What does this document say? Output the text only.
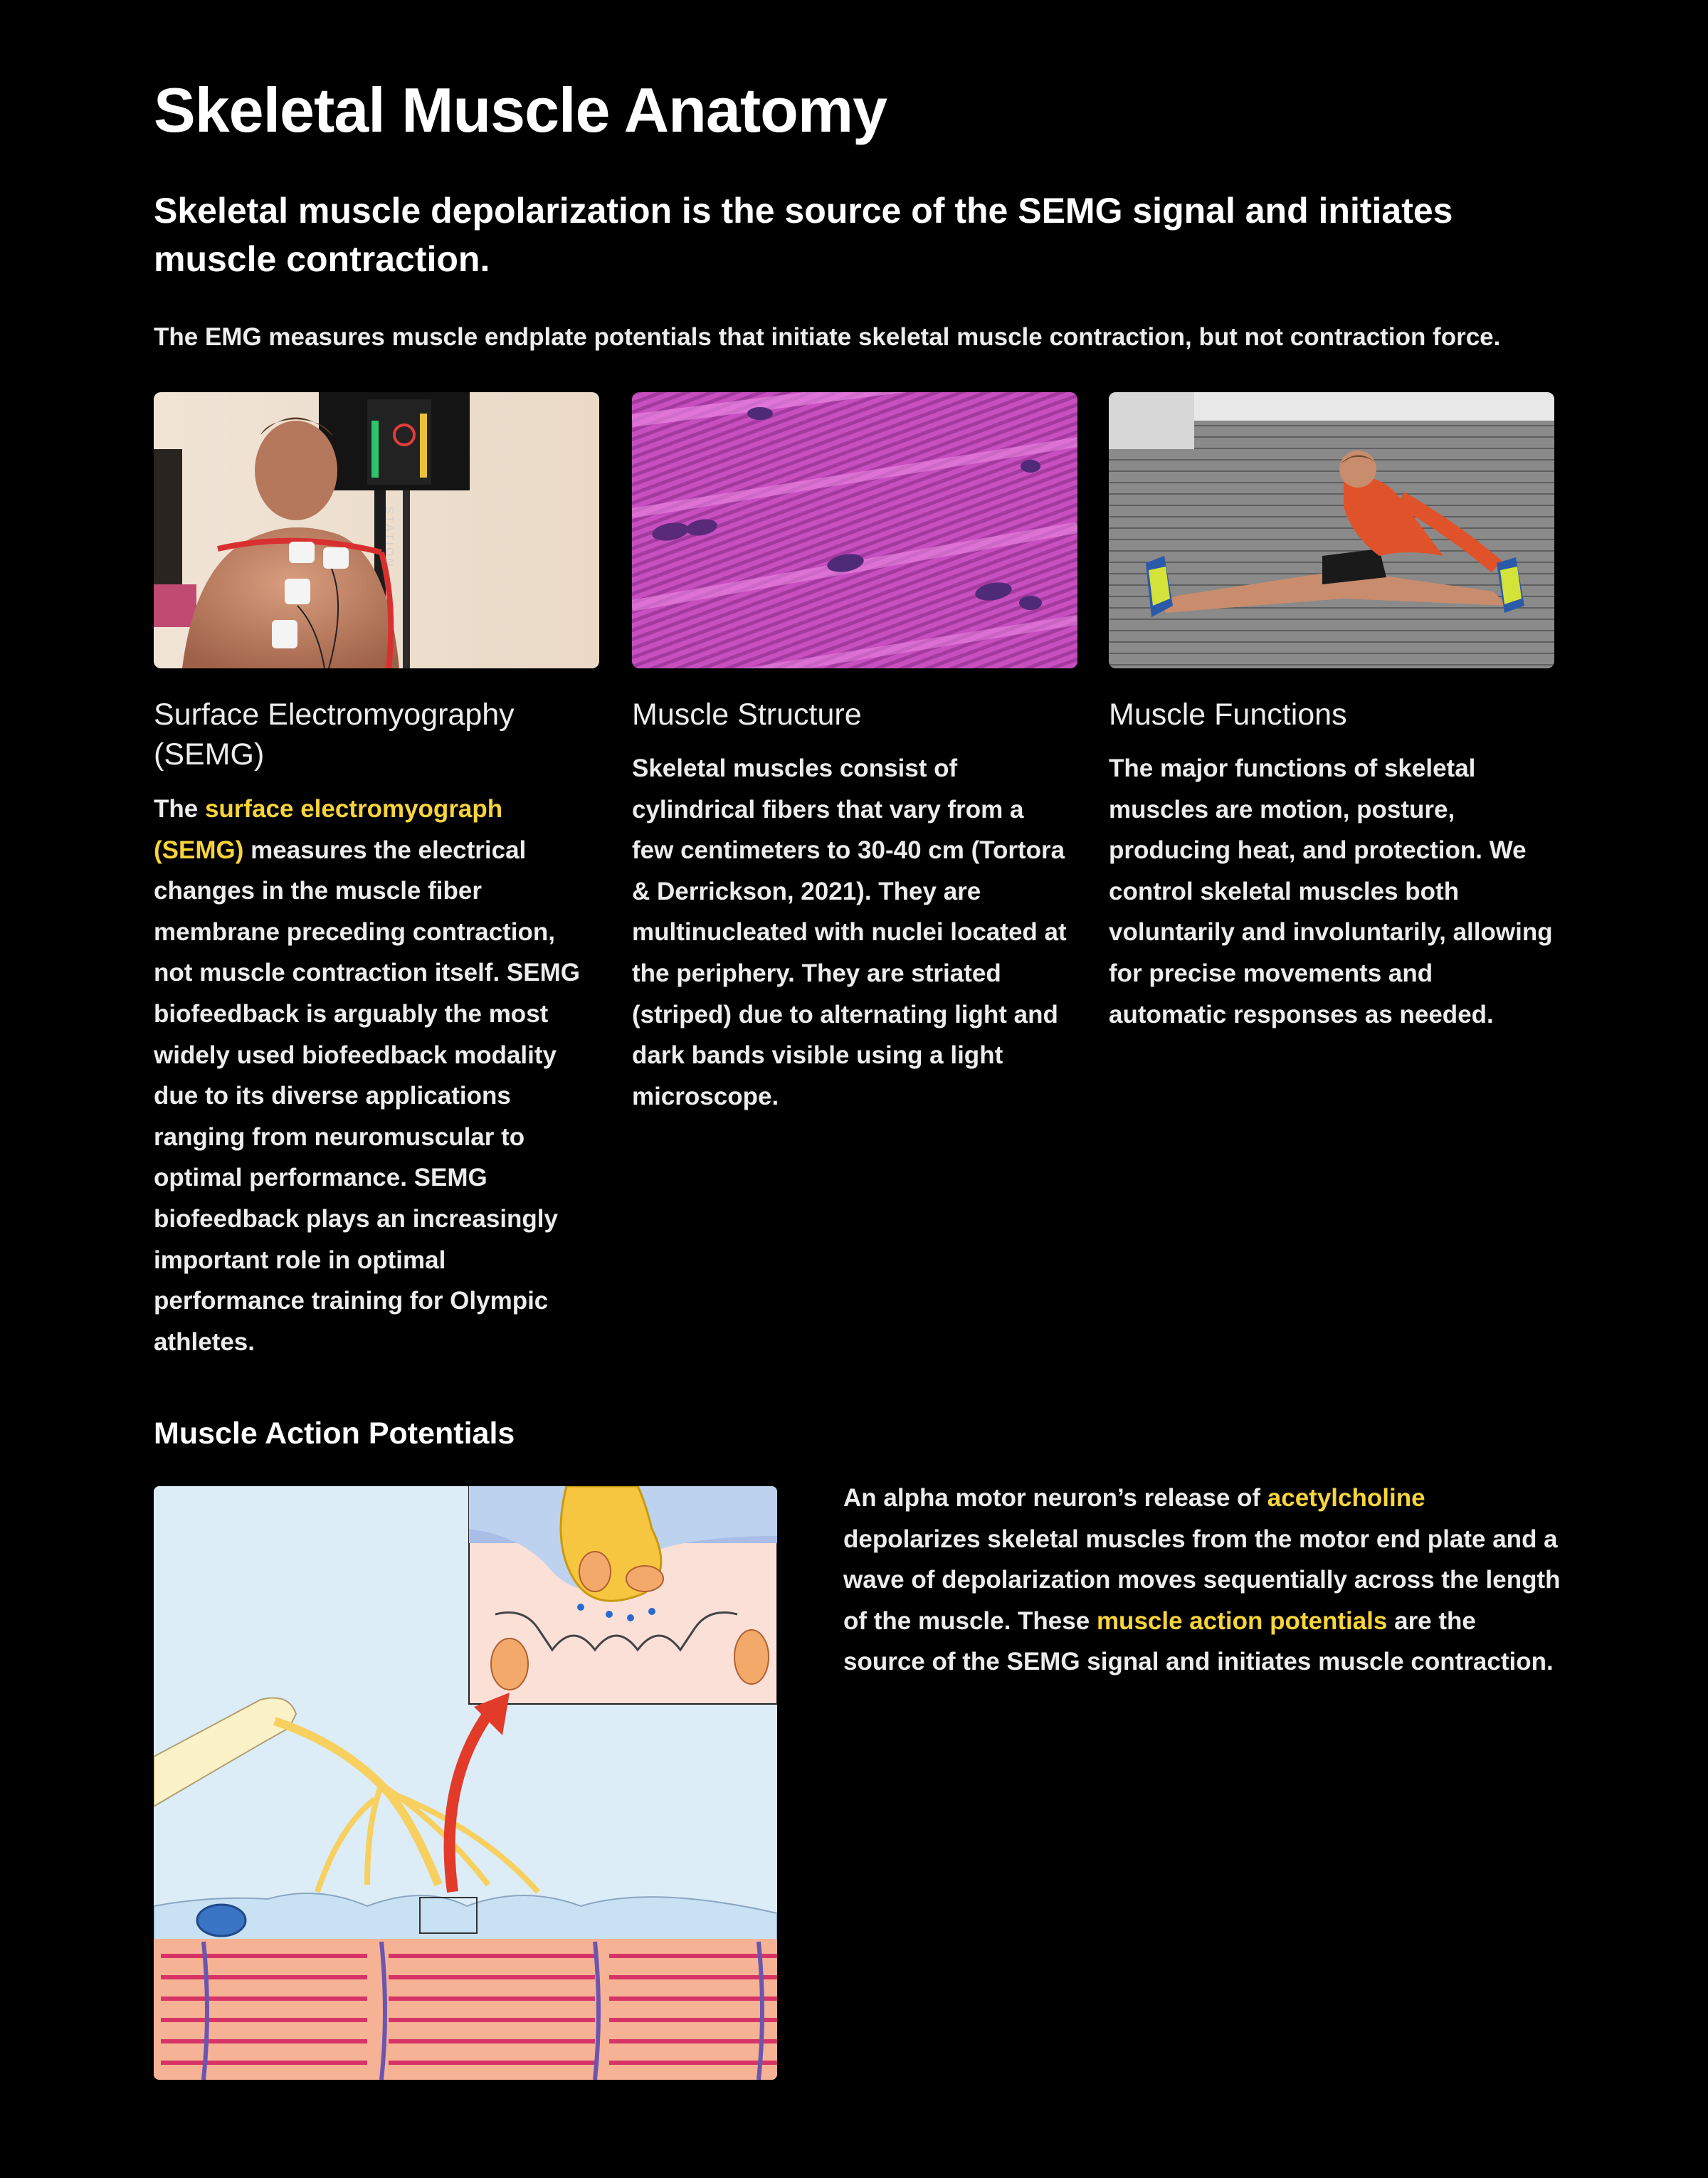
Skeletal Muscle Anatomy
Skeletal muscle depolarization is the source of the SEMG signal and initiates muscle contraction.

The EMG measures muscle endplate potentials that initiate skeletal muscle contraction, but not contraction force.

STATION
Surface Electromyography (SEMG)
Muscle Structure	Muscle Functions

The surface electromyograph (SEMG) measures the electrical changes in the muscle fiber membrane preceding contraction, not muscle contraction itself. SEMG biofeedback is arguably the most widely used biofeedback modality due to its diverse applications ranging from neuromuscular to optimal performance. SEMG biofeedback plays an increasingly important role in optimal performance training for Olympic athletes.

Skeletal muscles consist of cylindrical fibers that vary from a few centimeters to 30-40 cm (Tortora & Derrickson, 2021). They are multinucleated with nuclei located at the periphery. They are striated (striped) due to alternating light and dark bands visible using a light microscope.

The major functions of skeletal muscles are motion, posture, producing heat, and protection. We control skeletal muscles both voluntarily and involuntarily, allowing for precise movements and automatic responses as needed.

Muscle Action Potentials

An alpha motor neuron’s release of acetylcholine depolarizes skeletal muscles from the motor end plate and a wave of depolarization moves sequentially across the length of the muscle. These muscle action potentials are the source of the SEMG signal and initiates muscle contraction.
